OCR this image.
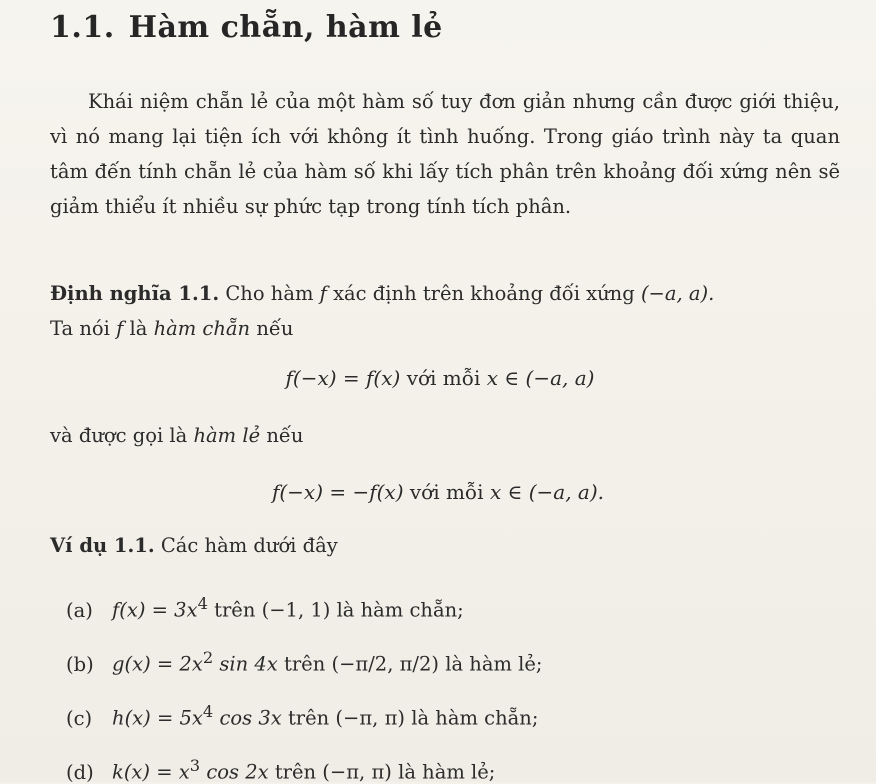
1.1. Hàm chẵn, hàm lẻ

Khái niệm chẵn lẻ của một hàm số tuy đơn giản nhưng cần được giới thiệu, vì nó mang lại tiện ích với không ít tình huống. Trong giáo trình này ta quan tâm đến tính chẵn lẻ của hàm số khi lấy tích phân trên khoảng đối xứng nên sẽ giảm thiểu ít nhiều sự phức tạp trong tính tích phân.

Định nghĩa 1.1. Cho hàm f xác định trên khoảng đối xứng (−a, a).
Ta nói f là hàm chẵn nếu

f(−x) = f(x) với mỗi x ∈ (−a, a)
và được gọi là hàm lẻ nếu
f(−x) = −f(x) với mỗi x ∈ (−a, a).
Ví dụ 1.1. Các hàm dưới đây
(a) $f(x) = 3x^4$ trên (−1, 1) là hàm chẵn;
(b) $g(x) = 2x^2$ sin 4x trên (−π/2, π/2) là hàm lẻ;
(c) $h(x) = 5x^4$ cos 3x trên (−π, π) là hàm chẵn;
(d) $k(x) = x^3$ cos 2x trên (−π, π) là hàm lẻ;
